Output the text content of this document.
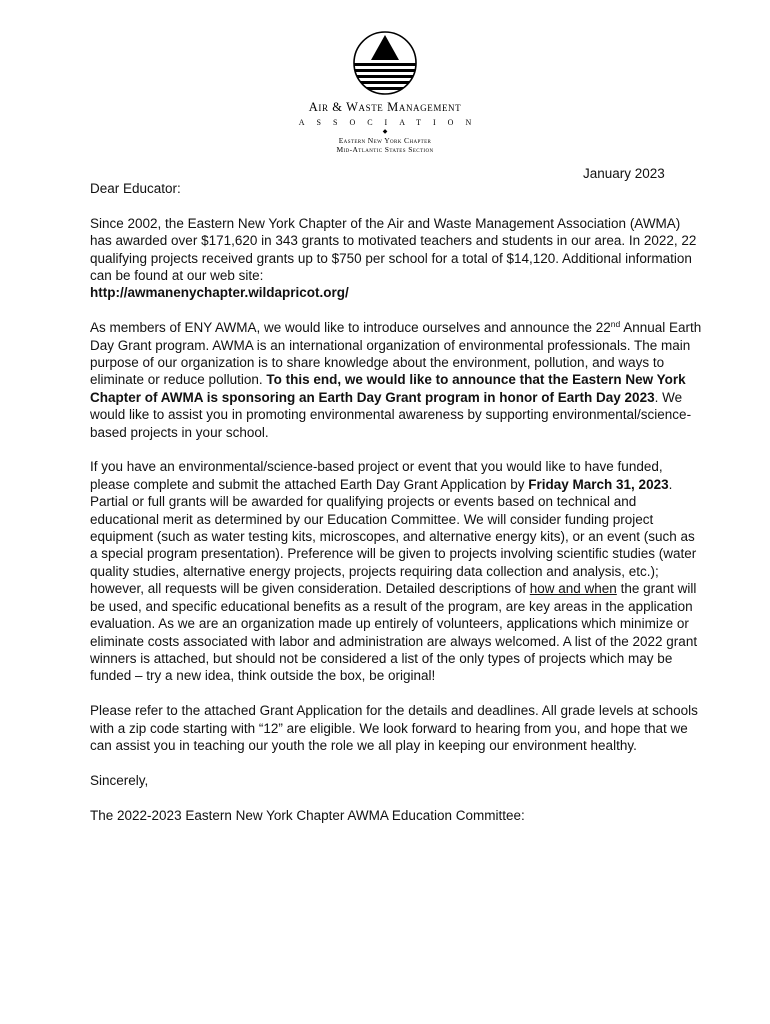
Air & Waste Management
ASSOCIATION
◆
Eastern New York Chapter
Mid-Atlantic States Section
January 2023

Dear Educator:

Since 2002, the Eastern New York Chapter of the Air and Waste Management Association (AWMA) has awarded over $171,620 in 343 grants to motivated teachers and students in our area. In 2022, 22 qualifying projects received grants up to $750 per school for a total of $14,120. Additional information can be found at our web site:
http://awmanenychapter.wildapricot.org/

As members of ENY AWMA, we would like to introduce ourselves and announce the 22nd Annual Earth Day Grant program. AWMA is an international organization of environmental professionals. The main purpose of our organization is to share knowledge about the environment, pollution, and ways to eliminate or reduce pollution. To this end, we would like to announce that the Eastern New York Chapter of AWMA is sponsoring an Earth Day Grant program in honor of Earth Day 2023. We would like to assist you in promoting environmental awareness by supporting environmental/science-based projects in your school.

If you have an environmental/science-based project or event that you would like to have funded, please complete and submit the attached Earth Day Grant Application by Friday March 31, 2023. Partial or full grants will be awarded for qualifying projects or events based on technical and educational merit as determined by our Education Committee. We will consider funding project equipment (such as water testing kits, microscopes, and alternative energy kits), or an event (such as a special program presentation). Preference will be given to projects involving scientific studies (water quality studies, alternative energy projects, projects requiring data collection and analysis, etc.); however, all requests will be given consideration. Detailed descriptions of how and when the grant will be used, and specific educational benefits as a result of the program, are key areas in the application evaluation. As we are an organization made up entirely of volunteers, applications which minimize or eliminate costs associated with labor and administration are always welcomed. A list of the 2022 grant winners is attached, but should not be considered a list of the only types of projects which may be funded – try a new idea, think outside the box, be original!

Please refer to the attached Grant Application for the details and deadlines. All grade levels at schools with a zip code starting with “12” are eligible. We look forward to hearing from you, and hope that we can assist you in teaching our youth the role we all play in keeping our environment healthy.

Sincerely,

The 2022-2023 Eastern New York Chapter AWMA Education Committee:
